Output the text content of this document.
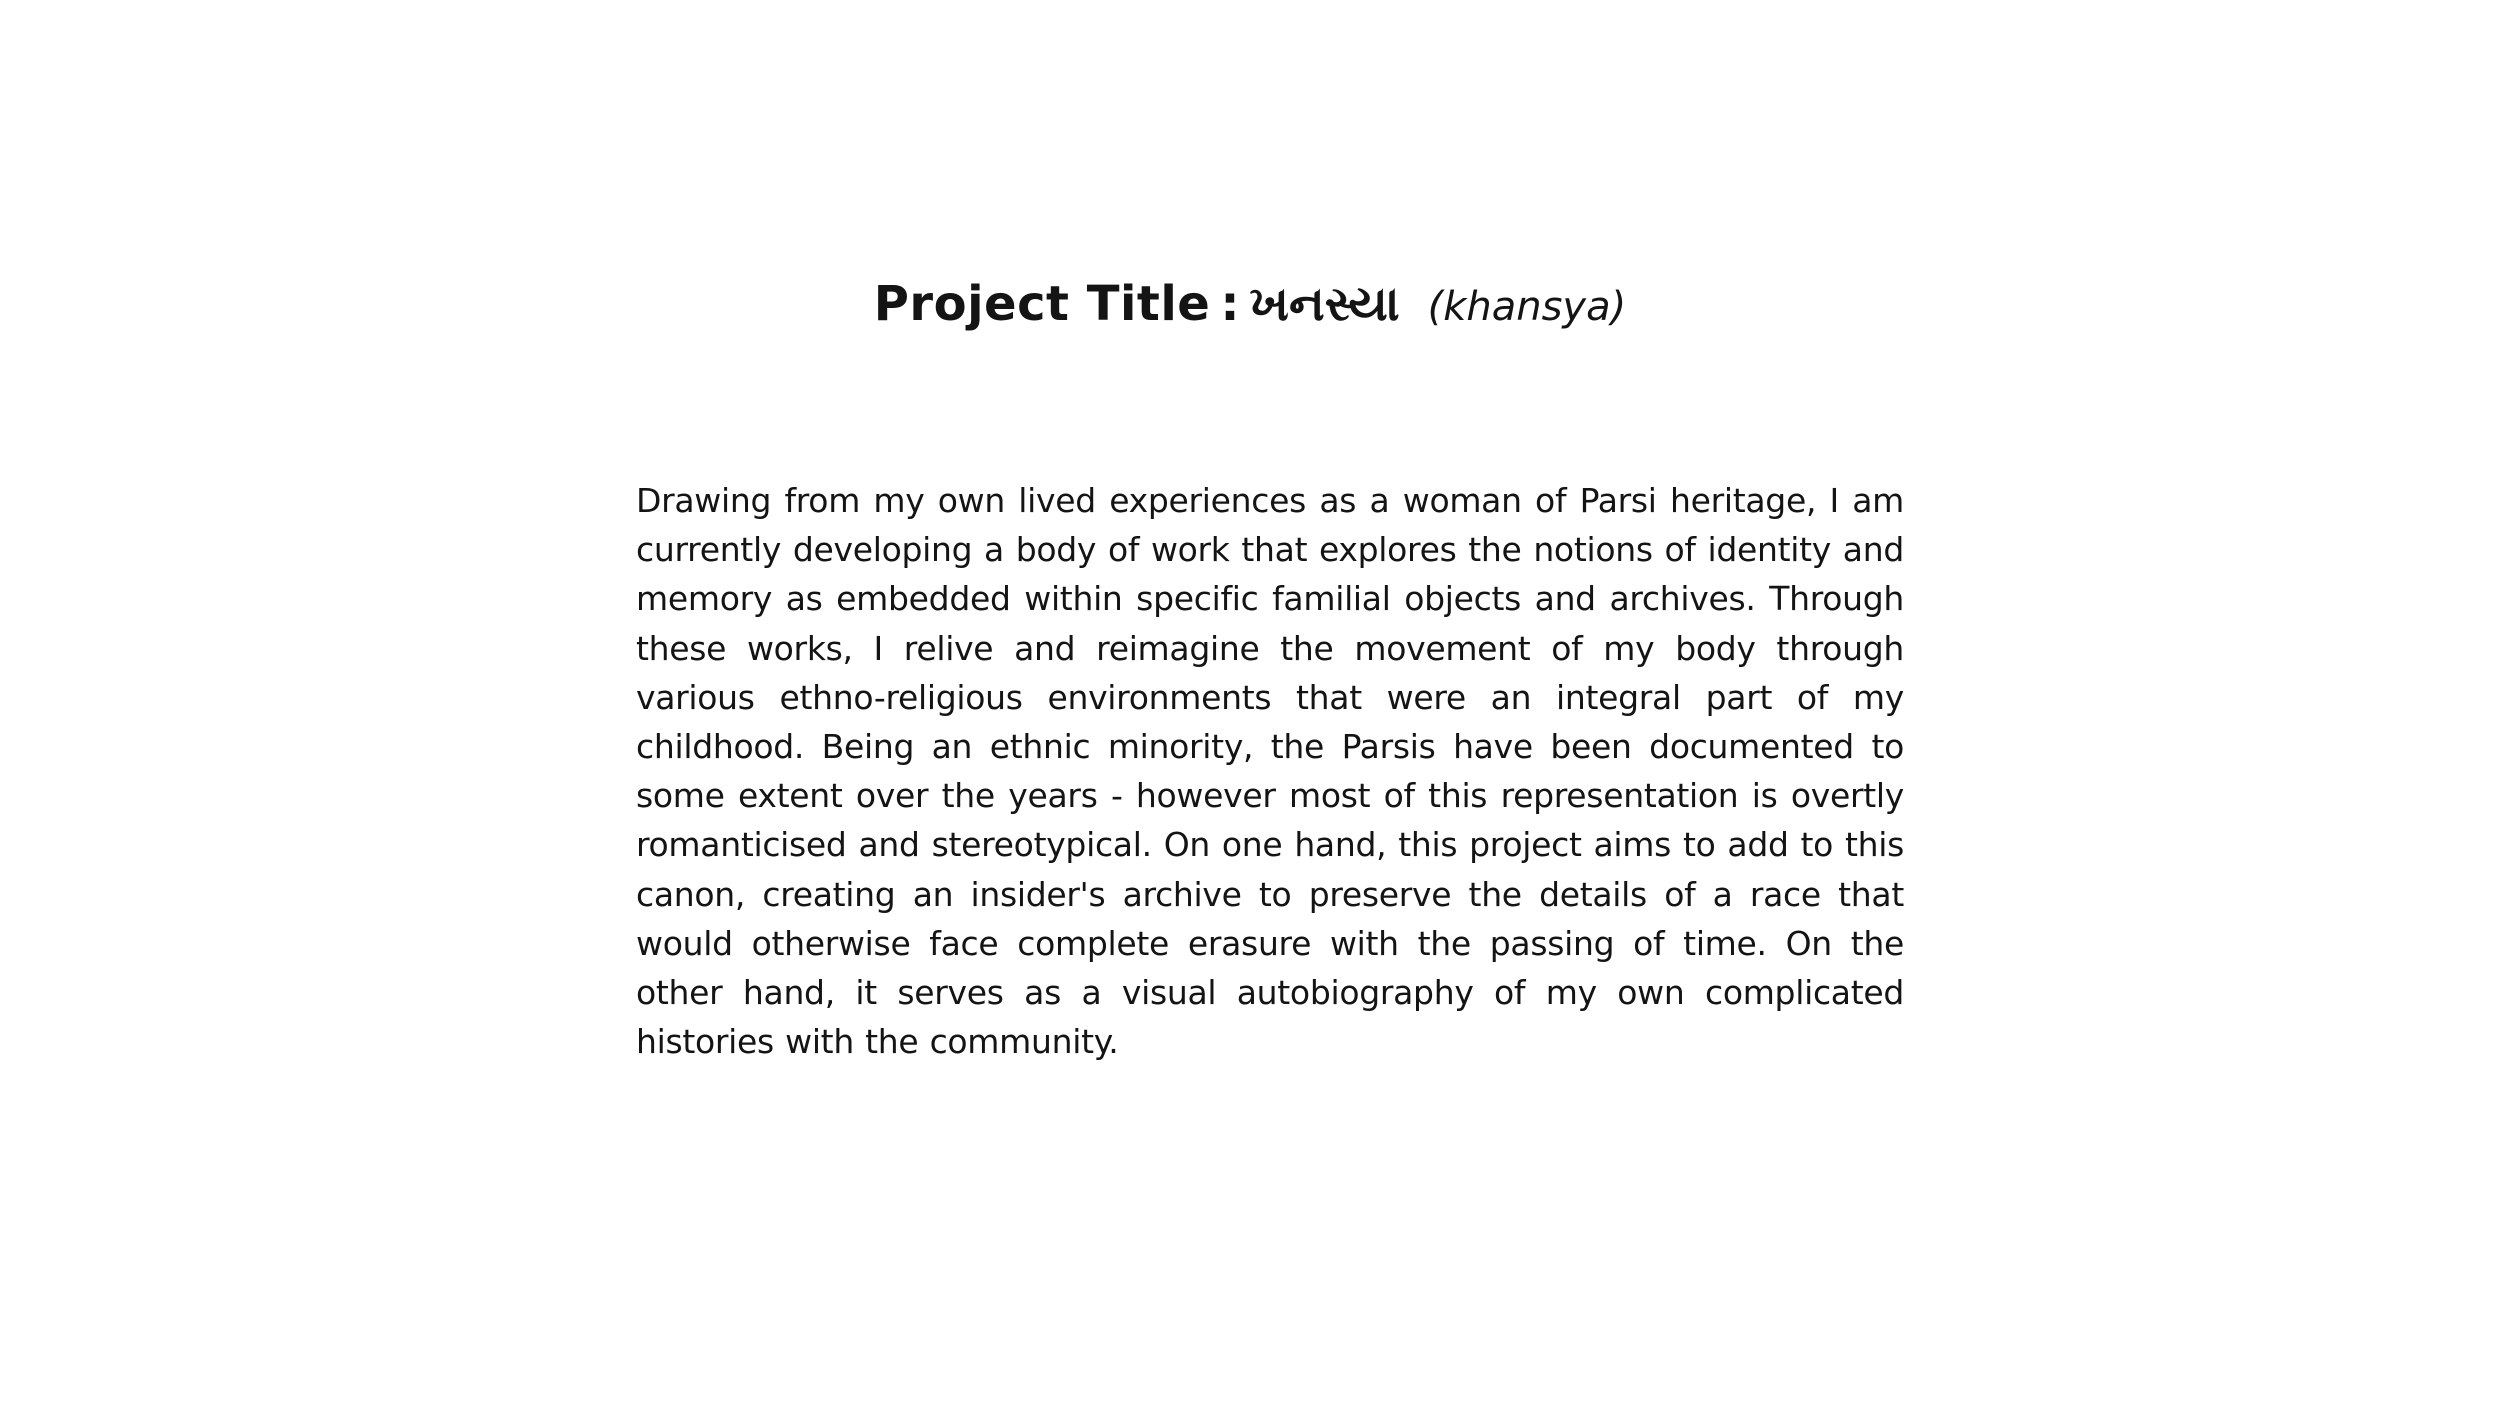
Project Title : ખનસ્યા (khansya)

Drawing from my own lived experiences as a woman of Parsi heritage, I am currently developing a body of work that explores the notions of identity and memory as embedded within specific familial objects and archives. Through these works, I relive and reimagine the movement of my body through various ethno-religious environments that were an integral part of my childhood. Being an ethnic minority, the Parsis have been documented to some extent over the years - however most of this representation is overtly romanticised and stereotypical. On one hand, this project aims to add to this canon, creating an insider's archive to preserve the details of a race that would otherwise face complete erasure with the passing of time. On the other hand, it serves as a visual autobiography of my own complicated histories with the community.
